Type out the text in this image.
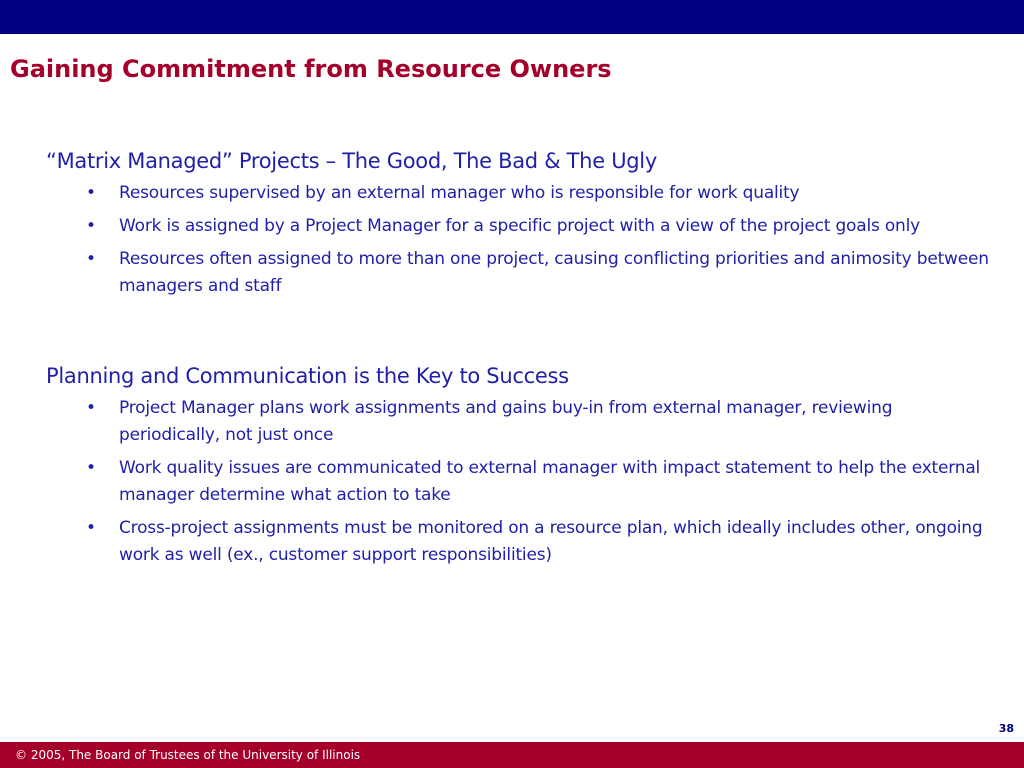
Gaining Commitment from Resource Owners
“Matrix Managed” Projects – The Good, The Bad & The Ugly
• Resources supervised by an external manager who is responsible for work quality
• Work is assigned by a Project Manager for a specific project with a view of the project goals only
• Resources often assigned to more than one project, causing conflicting priorities and animosity between managers and staff
Planning and Communication is the Key to Success
• Project Manager plans work assignments and gains buy-in from external manager, reviewing periodically, not just once
• Work quality issues are communicated to external manager with impact statement to help the external manager determine what action to take
• Cross-project assignments must be monitored on a resource plan, which ideally includes other, ongoing work as well (ex., customer support responsibilities)
38
© 2005, The Board of Trustees of the University of Illinois
